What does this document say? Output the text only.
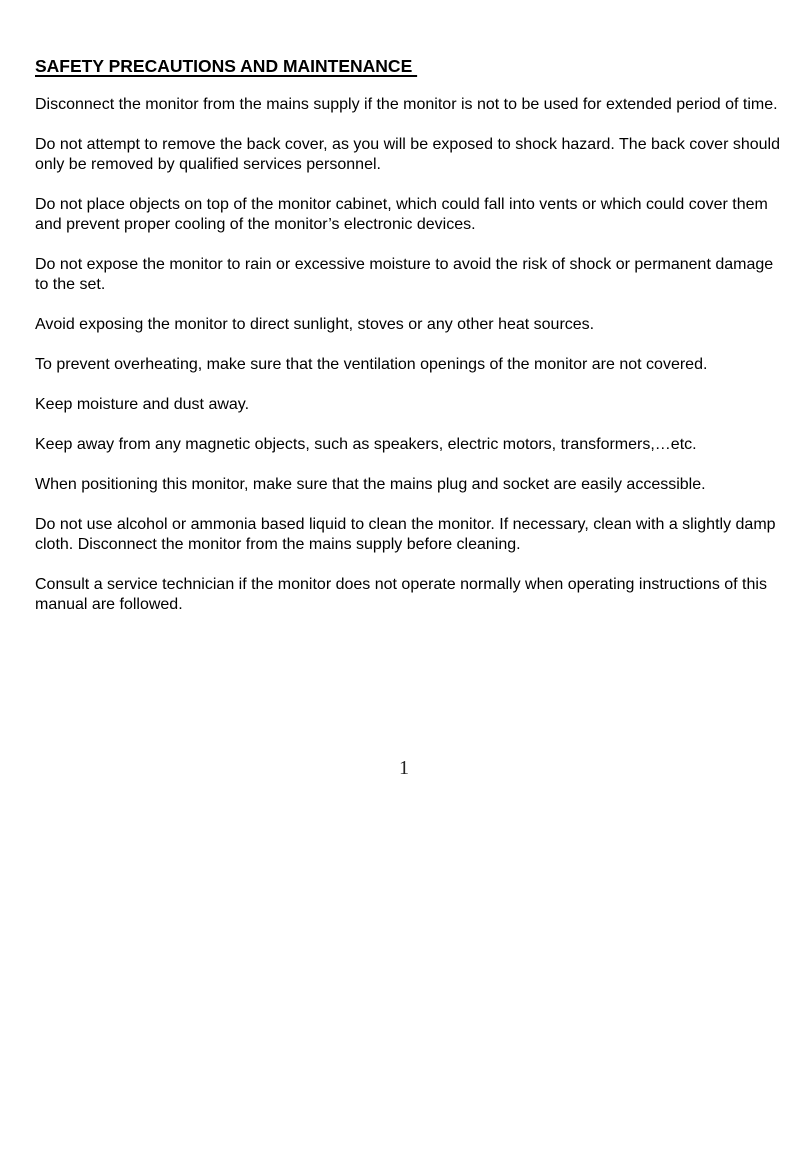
SAFETY PRECAUTIONS AND MAINTENANCE

Disconnect the monitor from the mains supply if the monitor is not to be used for extended period of time.

Do not attempt to remove the back cover, as you will be exposed to shock hazard. The back cover should only be removed by qualified services personnel.

Do not place objects on top of the monitor cabinet, which could fall into vents or which could cover them and prevent proper cooling of the monitor’s electronic devices.

Do not expose the monitor to rain or excessive moisture to avoid the risk of shock or permanent damage to the set.

Avoid exposing the monitor to direct sunlight, stoves or any other heat sources.

To prevent overheating, make sure that the ventilation openings of the monitor are not covered.

Keep moisture and dust away.

Keep away from any magnetic objects, such as speakers, electric motors, transformers,…etc.

When positioning this monitor, make sure that the mains plug and socket are easily accessible.

Do not use alcohol or ammonia based liquid to clean the monitor. If necessary, clean with a slightly damp cloth. Disconnect the monitor from the mains supply before cleaning.

Consult a service technician if the monitor does not operate normally when operating instructions of this manual are followed.

1
